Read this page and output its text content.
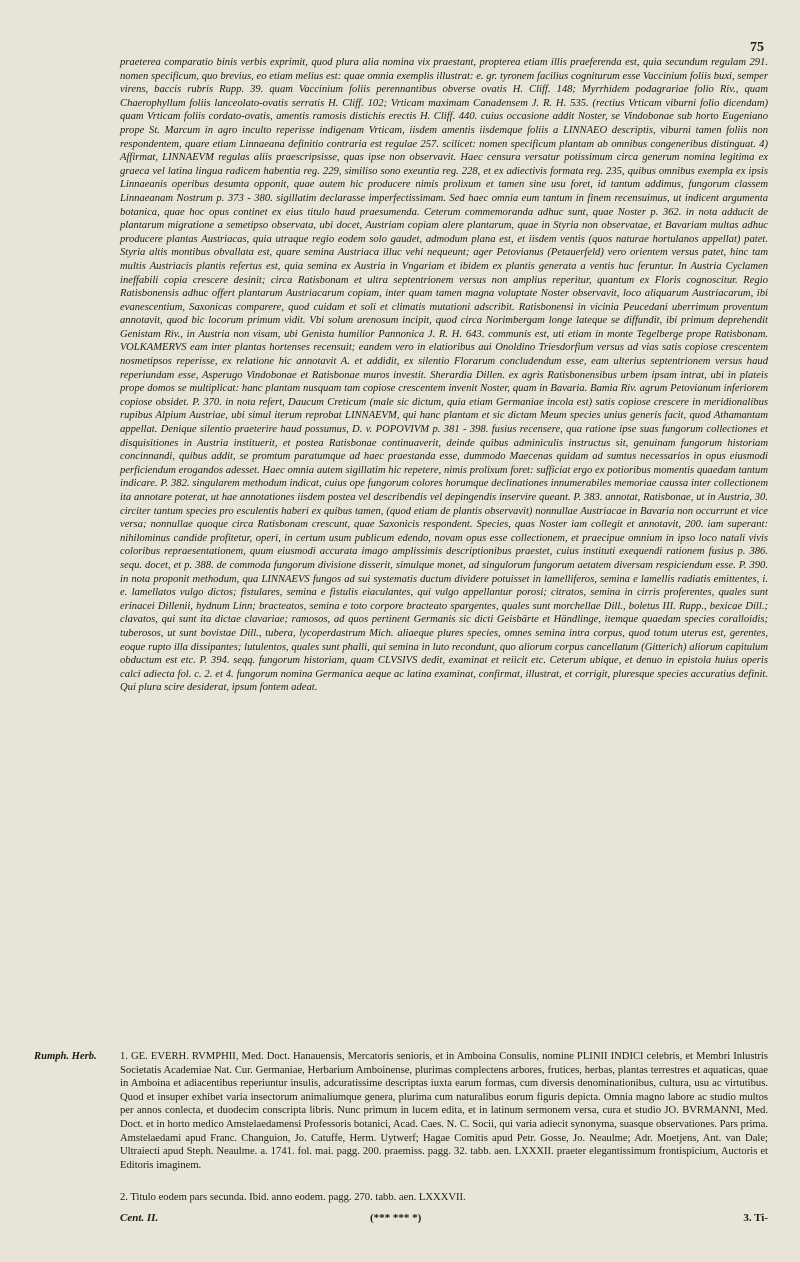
75

praeterea comparatio binis verbis exprimit, quod plura alia nomina vix praestant, propterea etiam illis praeferenda est, quia secundum regulam 291. nomen specificum, quo brevius, eo etiam melius est: quae omnia exemplis illustrat: e. gr. tyronem facilius cogniturum esse Vaccinium foliis buxi, semper virens, baccis rubris Rupp. 39. quam Vaccinium foliis perennantibus obverse ovatis H. Cliff. 148; Myrrhidem podagrariae folio Riv., quam Chaerophyllum foliis lanceolato-ovatis serratis H. Cliff. 102; Vrticam maximam Canadensem J. R. H. 535. (rectius Vrticam viburni folio dicendam) quam Vrticam foliis cordato-ovatis, amentis ramosis distichis erectis H. Cliff. 440. cuius occasione addit Noster, se Vindobonae sub horto Eugeniano prope St. Marcum in agro inculto reperisse indigenam Vrticam, iisdem amentis iisdemque foliis a LINNAEO descriptis, viburni tamen foliis non respondentem, quare etiam Linnaeana definitio contraria est regulae 257. scilicet: nomen specificum plantam ab omnibus congeneribus distinguat. 4) Affirmat, LINNAEVM regulas aliis praescripsisse, quas ipse non observavit. Haec censura versatur potissimum circa generum nomina legitima ex graeca vel latina lingua radicem habentia reg. 229, similiso sono exeuntia reg. 228, et ex adiectivis formata reg. 235, quibus omnibus exempla ex ipsis Linnaeanis operibus desumta opponit, quae autem hic producere nimis prolixum et tamen sine usu foret, id tantum addimus, fungorum classem Linnaeanam Nostrum p. 373 - 380. sigillatim declarasse imperfectissimam. Sed haec omnia eum tantum in finem recensuimus, ut indicent argumenta botanica, quae hoc opus continet ex eius titulo haud praesumenda. Ceterum commemoranda adhuc sunt, quae Noster p. 362. in nota adducit de plantarum migratione a semetipso observata, ubi docet, Austriam copiam alere plantarum, quae in Styria non observatae, et Bavariam multas adhuc producere plantas Austriacas, quia utraque regio eodem solo gaudet, admodum plana est, et iisdem ventis (quos naturae hortulanos appellat) patet. Styria altis montibus obvallata est, quare semina Austriaca illuc vehi nequeunt; ager Petovianus (Petauerfeld) vero orientem versus patet, hinc tam multis Austriacis plantis refertus est, quia semina ex Austria in Vngariam et ibidem ex plantis generata a ventis huc feruntur. In Austria Cyclamen ineffabili copia crescere desinit; circa Ratisbonam et ultra septentrionem versus non amplius reperitur, quantum ex Floris cognoscitur. Regio Ratisbonensis adhuc offert plantarum Austriacarum copiam, inter quam tamen magna voluptate Noster observavit, loco aliquarum Austriacarum, ibi evanescentium, Saxonicas comparere, quod cuidam et soli et climatis mutationi adscribit. Ratisbonensi in vicinia Peucedani uberrimum proventum annotavit, quod bic locorum primum vidit. Vbi solum arenosum incipit, quod circa Norimbergam longe lateque se diffundit, ibi primum deprehendit Genistam Riv., in Austria non visam, ubi Genista humilior Pannonica J. R. H. 643. communis est, uti etiam in monte Tegelberge prope Ratisbonam. VOLKAMERVS eam inter plantas hortenses recensuit; eandem vero in elatioribus aui Onoldino Triesdorfium versus ad vias satis copiose crescentem nosmetipsos reperisse, ex relatione hic annotavit A. et addidit, ex silentio Florarum concludendum esse, eam ulterius septentrionem versus haud reperiundam esse, Asperugo Vindobonae et Ratisbonae muros investit. Sherardia Dillen. ex agris Ratisbonensibus urbem ipsam intrat, ubi in plateis prope domos se multiplicat: hanc plantam nusquam tam copiose crescentem invenit Noster, quam in Bavaria. Bamia Riv. agrum Petovianum inferiorem copiose obsidet. P. 370. in nota refert, Daucum Creticum (male sic dictum, quia etiam Germaniae incola est) satis copiose crescere in meridionalibus rupibus Alpium Austriae, ubi simul iterum reprobat LINNAEVM, qui hanc plantam et sic dictam Meum species unius generis facit, quod Athamantam appellat. Denique silentio praeterire haud possumus, D. v. POPOVIVM p. 381 - 398. fusius recensere, qua ratione ipse suas fungorum collectiones et disquisitiones in Austria instituerit, et postea Ratisbonae continuaverit, deinde quibus adminiculis instructus sit, genuinam fungorum historiam concinnandi, quibus addit, se promtum paratumque ad haec praestanda esse, dummodo Maecenas quidam ad sumtus necessarios in opus eiusmodi perficiendum erogandos adesset. Haec omnia autem sigillatim hic repetere, nimis prolixum foret: sufficiat ergo ex potioribus momentis quaedam tantum indicare. P. 382. singularem methodum indicat, cuius ope fungorum colores horumque declinationes innumerabiles memoriae caussa inter collectionem ita annotare poterat, ut hae annotationes iisdem postea vel describendis vel depingendis inservire queant. P. 383. annotat, Ratisbonae, ut in Austria, 30. circiter tantum species pro esculentis haberi ex quibus tamen, (quod etiam de plantis observavit) nonnullae Austriacae in Bavaria non occurrunt et vice versa; nonnullae quoque circa Ratisbonam crescunt, quae Saxonicis respondent. Species, quas Noster iam collegit et annotavit, 200. iam superant: nihilominus candide profitetur, operi, in certum usum publicum edendo, novam opus esse collectionem, et praecipue omnium in ipso loco natali vivis coloribus repraesentationem, quum eiusmodi accurata imago amplissimis descriptionibus praestet, cuius instituti exequendi rationem fusius p. 386. sequ. docet, et p. 388. de commoda fungorum divisione disserit, simulque monet, ad singulorum fungorum aetatem diversam respiciendum esse. P. 390. in nota proponit methodum, qua LINNAEVS fungos ad sui systematis ductum dividere potuisset in lamelliferos, semina e lamellis radiatis emittentes, i. e. lamellatos vulgo dictos; fistulares, semina e fistulis eiaculantes, qui vulgo appellantur porosi; citratos, semina in cirris proferentes, quales sunt erinacei Dillenii, hydnum Linn; bracteatos, semina e toto corpore bracteato spargentes, quales sunt morchellae Dill., boletus III. Rupp., bexicae Dill.; clavatos, qui sunt ita dictae clavariae; ramosos, ad quos pertinent Germanis sic dicti Geisbärte et Händlinge, itemque quaedam species coralloidis; tuberosos, ut sunt bovistae Dill., tubera, lycoperdastrum Mich. aliaeque plures species, omnes semina intra corpus, quod totum uterus est, gerentes, eoque rupto illa dissipantes; lutulentos, quales sunt phalli, qui semina in luto recondunt, quo aliorum corpus cancellatum (Gitterich) aliorum capitulum obductum est etc. P. 394. seqq. fungorum historiam, quam CLVSIVS dedit, examinat et reiicit etc. Ceterum ubique, et denuo in epistola huius operis calci adiecta fol. c. 2. et 4. fungorum nomina Germanica aeque ac latina examinat, confirmat, illustrat, et corrigit, pluresque species accuratius definit. Qui plura scire desiderat, ipsum fontem adeat.

Rumph. Herb.	1. GE. EVERH. RVMPHII, Med. Doct. Hanauensis, Mercatoris senioris, et in Amboina Consulis, nomine PLINII INDICI celebris, et Membri Inlustris Societatis Academiae Nat. Cur. Germaniae, Herbarium Amboinense, plurimas complectens arbores, frutices, herbas, plantas terrestres et aquaticas, quae in Amboina et adiacentibus reperiuntur insulis, adcuratissime descriptas iuxta earum formas, cum diversis denominationibus, cultura, usu ac virtutibus. Quod et insuper exhibet varia insectorum animaliumque genera, plurima cum naturalibus eorum figuris depicta. Omnia magno labore ac studio multos per annos conlecta, et duodecim conscripta libris. Nunc primum in lucem edita, et in latinum sermonem versa, cura et studio JO. BVRMANNI, Med. Doct. et in horto medico Amstelaedamensi Professoris botanici, Acad. Caes. N. C. Socii, qui varia adiecit synonyma, suasque observationes. Pars prima. Amstelaedami apud Franc. Changuion, Jo. Catuffe, Herm. Uytwerf; Hagae Comitis apud Petr. Gosse, Jo. Neaulme; Adr. Moetjens, Ant. van Dale; Ultraiecti apud Steph. Neaulme. a. 1741. fol. mai. pagg. 200. praemiss. pagg. 32. tabb. aen. LXXXII. praeter elegantissimum frontispicium, Auctoris et Editoris imaginem.

2. Titulo eodem pars secunda. Ibid. anno eodem. pagg. 270. tabb. aen. LXXXVII.
Cent. II.	(*** *** *)	3. Ti-
